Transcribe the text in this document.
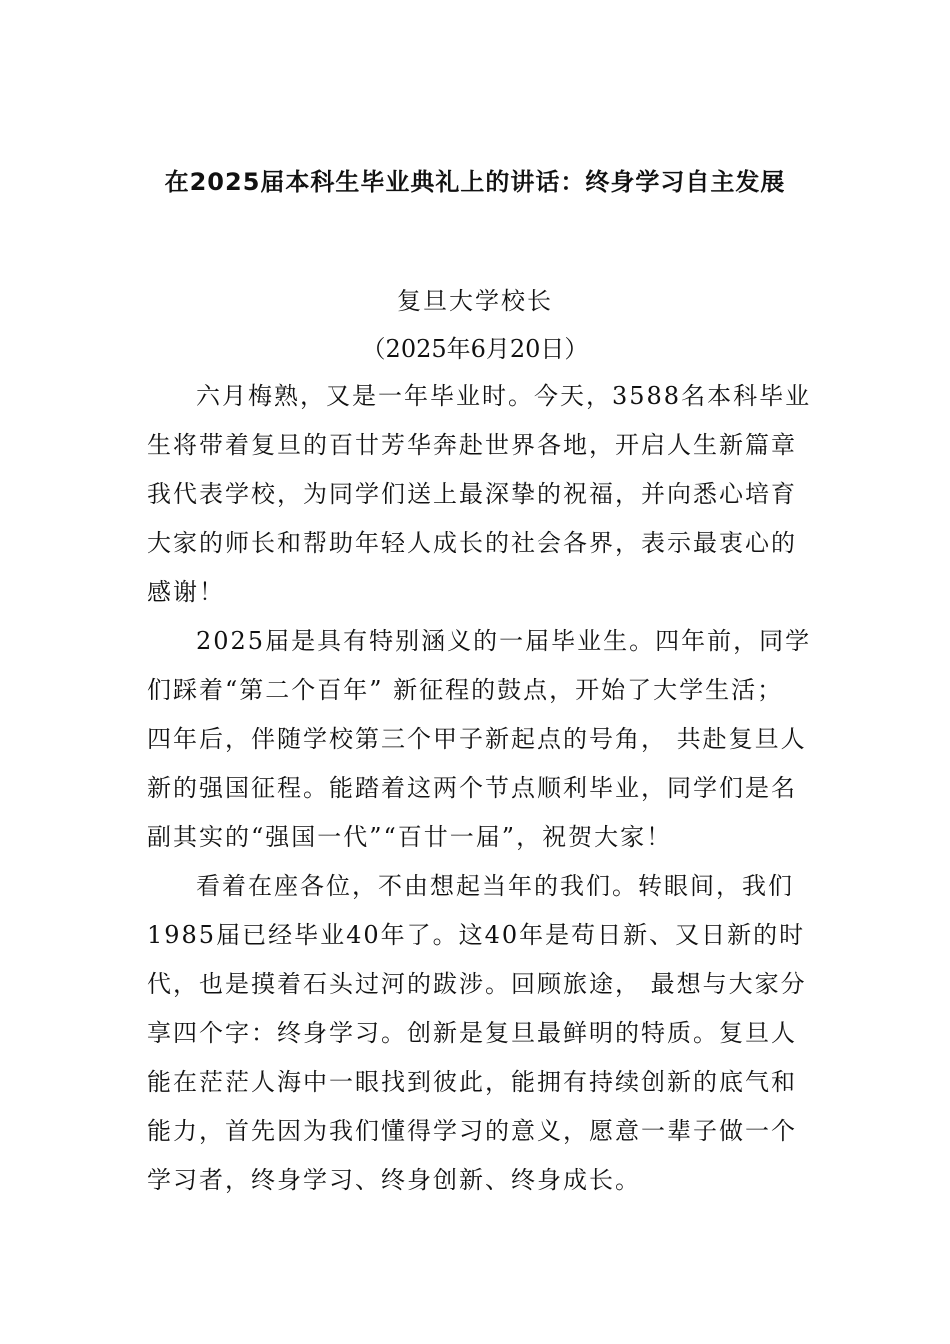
在2025届本科生毕业典礼上的讲话：终身学习自主发展
复旦大学校长
（2025年6月20日）
六月梅熟，又是一年毕业时。今天，3588名本科毕业
生将带着复旦的百廿芳华奔赴世界各地，开启人生新篇章
我代表学校，为同学们送上最深挚的祝福，并向悉心培育
大家的师长和帮助年轻人成长的社会各界，表示最衷心的
感谢！
2025届是具有特别涵义的一届毕业生。四年前，同学
们踩着“第二个百年” 新征程的鼓点，开始了大学生活；
四年后，伴随学校第三个甲子新起点的号角， 共赴复旦人
新的强国征程。能踏着这两个节点顺利毕业，同学们是名
副其实的“强国一代”“百廿一届”，祝贺大家！
看着在座各位，不由想起当年的我们。转眼间，我们
1985届已经毕业40年了。这40年是苟日新、又日新的时
代，也是摸着石头过河的跋涉。回顾旅途， 最想与大家分
享四个字：终身学习。创新是复旦最鲜明的特质。复旦人
能在茫茫人海中一眼找到彼此，能拥有持续创新的底气和
能力，首先因为我们懂得学习的意义，愿意一辈子做一个
学习者，终身学习、终身创新、终身成长。
